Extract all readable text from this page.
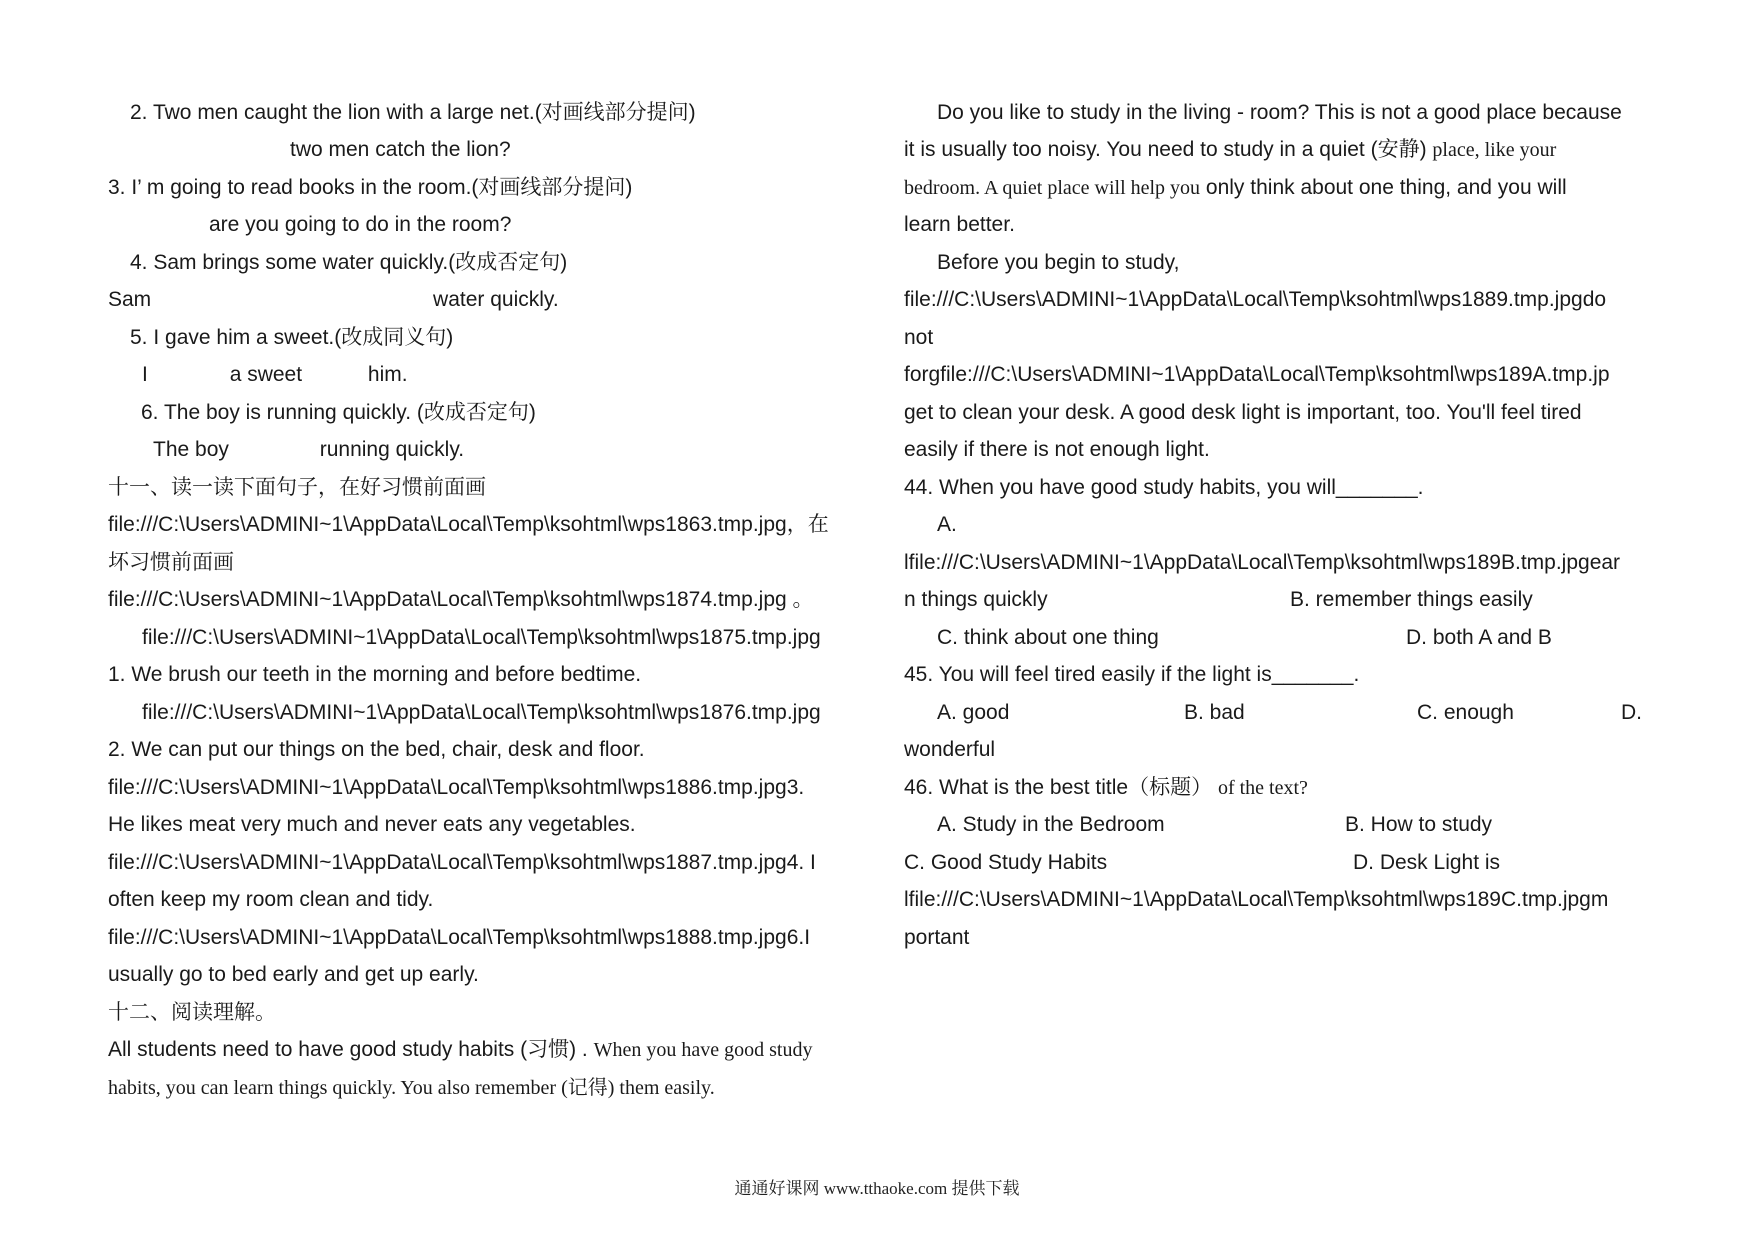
2. Two men caught the lion with a large net.(对画线部分提问)
two men catch the lion?
3. I’ m going to read books in the room.(对画线部分提问)
are you going to do in the room?
4. Sam brings some water quickly.(改成否定句)
Sam	water quickly.
5. I gave him a sweet.(改成同义句)
I	a sweet	him.
6. The boy is running quickly. (改成否定句)
The boy	running quickly.
十一、读一读下面句子，在好习惯前面画
file:///C:\Users\ADMINI~1\AppData\Local\Temp\ksohtml\wps1863.tmp.jpg，在
坏习惯前面画
file:///C:\Users\ADMINI~1\AppData\Local\Temp\ksohtml\wps1874.tmp.jpg 。
file:///C:\Users\ADMINI~1\AppData\Local\Temp\ksohtml\wps1875.tmp.jpg
1. We brush our teeth in the morning and before bedtime.
file:///C:\Users\ADMINI~1\AppData\Local\Temp\ksohtml\wps1876.tmp.jpg
2. We can put our things on the bed, chair, desk and floor.
file:///C:\Users\ADMINI~1\AppData\Local\Temp\ksohtml\wps1886.tmp.jpg3.
He likes meat very much and never eats any vegetables.
file:///C:\Users\ADMINI~1\AppData\Local\Temp\ksohtml\wps1887.tmp.jpg4. I
often keep my room clean and tidy.
file:///C:\Users\ADMINI~1\AppData\Local\Temp\ksohtml\wps1888.tmp.jpg6.I
usually go to bed early and get up early.
十二、阅读理解。
All students need to have good study habits (习惯) . When you have good study
habits, you can learn things quickly. You also remember (记得) them easily.
Do you like to study in the living - room? This is not a good place because
it is usually too noisy. You need to study in a quiet (安静) place, like your
bedroom. A quiet place will help you only think about one thing, and you will
learn better.
Before you begin to study,
file:///C:\Users\ADMINI~1\AppData\Local\Temp\ksohtml\wps1889.tmp.jpgdo
not
forgfile:///C:\Users\ADMINI~1\AppData\Local\Temp\ksohtml\wps189A.tmp.jp
get to clean your desk. A good desk light is important, too. You'll feel tired
easily if there is not enough light.
44. When you have good study habits, you will_______.
A.
lfile:///C:\Users\ADMINI~1\AppData\Local\Temp\ksohtml\wps189B.tmp.jpgear
n things quickly	B. remember things easily
C. think about one thing	D. both A and B
45. You will feel tired easily if the light is_______.
A. good	B. bad	C. enough	D.
wonderful
46. What is the best title（标题） of the text?
A. Study in the Bedroom	B. How to study
C. Good Study Habits	D. Desk Light is
lfile:///C:\Users\ADMINI~1\AppData\Local\Temp\ksohtml\wps189C.tmp.jpgm
portant
通通好课网 www.tthaoke.com 提供下载
